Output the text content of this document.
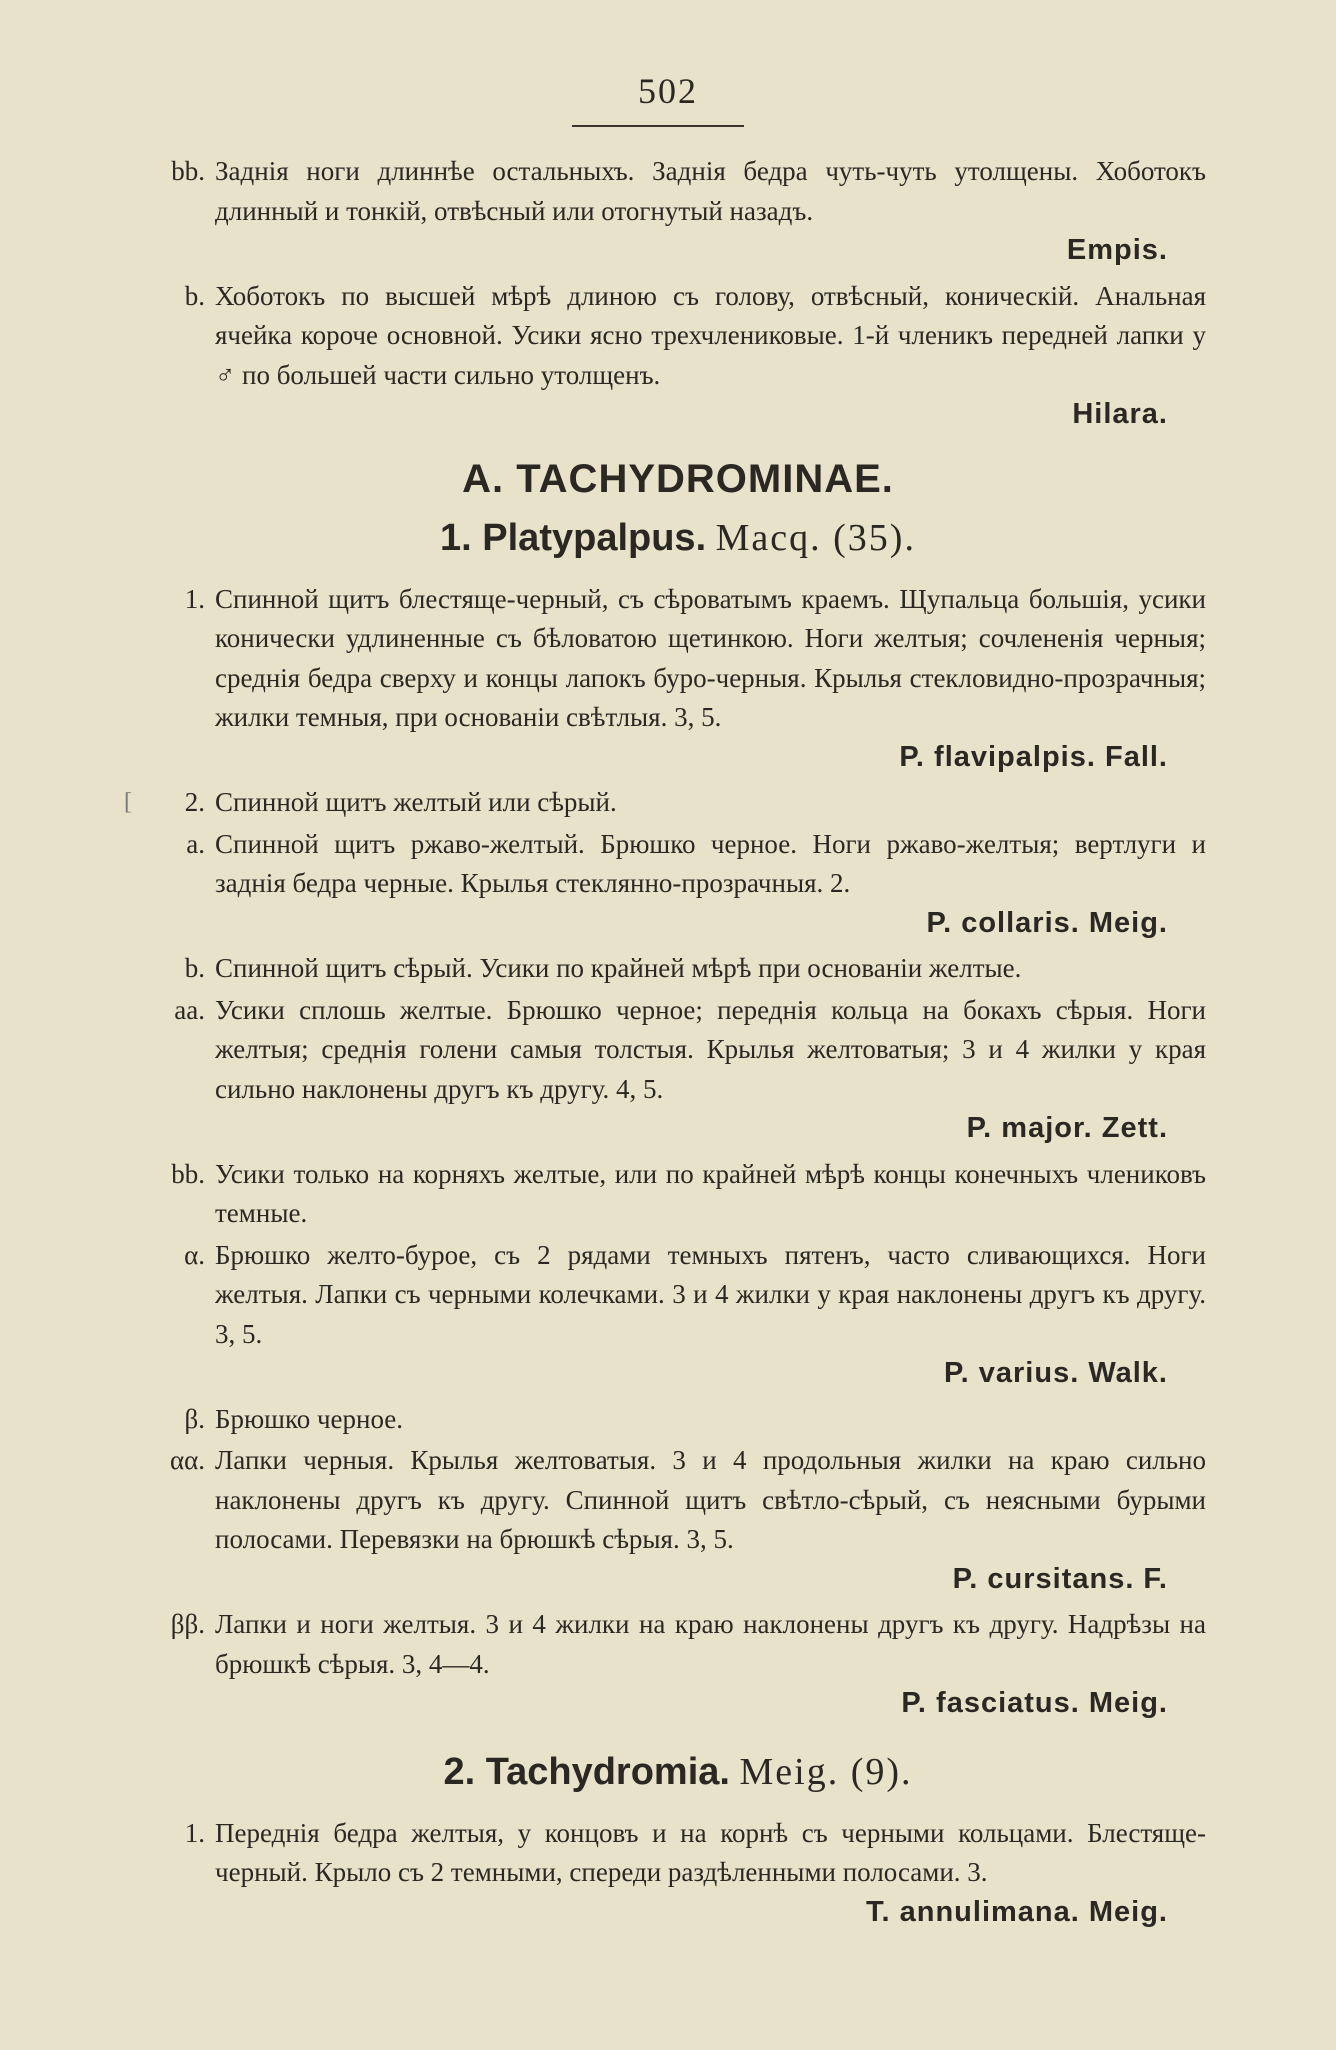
502
bb. Заднія ноги длиннѣе остальныхъ. Заднія бедра чуть-чуть утолщены. Хоботокъ длинный и тонкій, отвѣсный или отогнутый назадъ.
Empis.
b. Хоботокъ по высшей мѣрѣ длиною съ голову, отвѣсный, коническій. Анальная ячейка короче основной. Усики ясно трехчлениковые. 1-й члeникъ передней лапки у ♂ по большей части сильно утолщенъ.
Hilara.
A. TACHYDROMINAE.
1. Platypalpus. Macq. (35).
1. Спинной щитъ блестяще-черный, съ сѣроватымъ краемъ. Щупальца большія, усики конически удлиненные съ бѣловатою щетинкою. Ноги желтыя; сочлененія черныя; среднія бедра сверху и концы лапокъ буро-черныя. Крылья стекловидно-прозрачныя; жилки темныя, при основаніи свѣтлыя. 3, 5.
P. flavipalpis. Fall.
[	2. Спинной щитъ желтый или сѣрый.
a. Спинной щитъ ржаво-желтый. Брюшко черное. Ноги ржаво-желтыя; вертлуги и заднія бедра черные. Крылья стеклянно-прозрачныя. 2.
P. collaris. Meig.
b. Спинной щитъ сѣрый. Усики по крайней мѣрѣ при основаніи желтые.
aa. Усики сплошь желтые. Брюшко черное; переднія кольца на бокахъ сѣрыя. Ноги желтыя; среднія голени самыя толстыя. Крылья желтоватыя; 3 и 4 жилки у края сильно наклонены другъ къ другу. 4, 5.
P. major. Zett.
bb. Усики только на корняхъ желтые, или по крайней мѣрѣ концы конечныхъ члениковъ темные.
α. Брюшко желто-бурое, съ 2 рядами темныхъ пятенъ, часто сливающихся. Ноги желтыя. Лапки съ черными колечками. 3 и 4 жилки у края наклонены другъ къ другу. 3, 5.
P. varius. Walk.
β. Брюшко черное.
αα. Лапки черныя. Крылья желтоватыя. 3 и 4 продольныя жилки на краю сильно наклонены другъ къ другу. Спинной щитъ свѣтло-сѣрый, съ неясными бурыми полосами. Перевязки на брюшкѣ сѣрыя. 3, 5.
P. cursitans. F.
ββ. Лапки и ноги желтыя. 3 и 4 жилки на краю наклонены другъ къ другу. Надрѣзы на брюшкѣ сѣрыя. 3, 4—4.
P. fasciatus. Meig.
2. Tachydromia. Meig. (9).
1. Переднія бедра желтыя, у концовъ и на корнѣ съ черными кольцами. Блестяще-черный. Крыло съ 2 темными, спереди раздѣленными полосами. 3.
T. annulimana. Meig.
